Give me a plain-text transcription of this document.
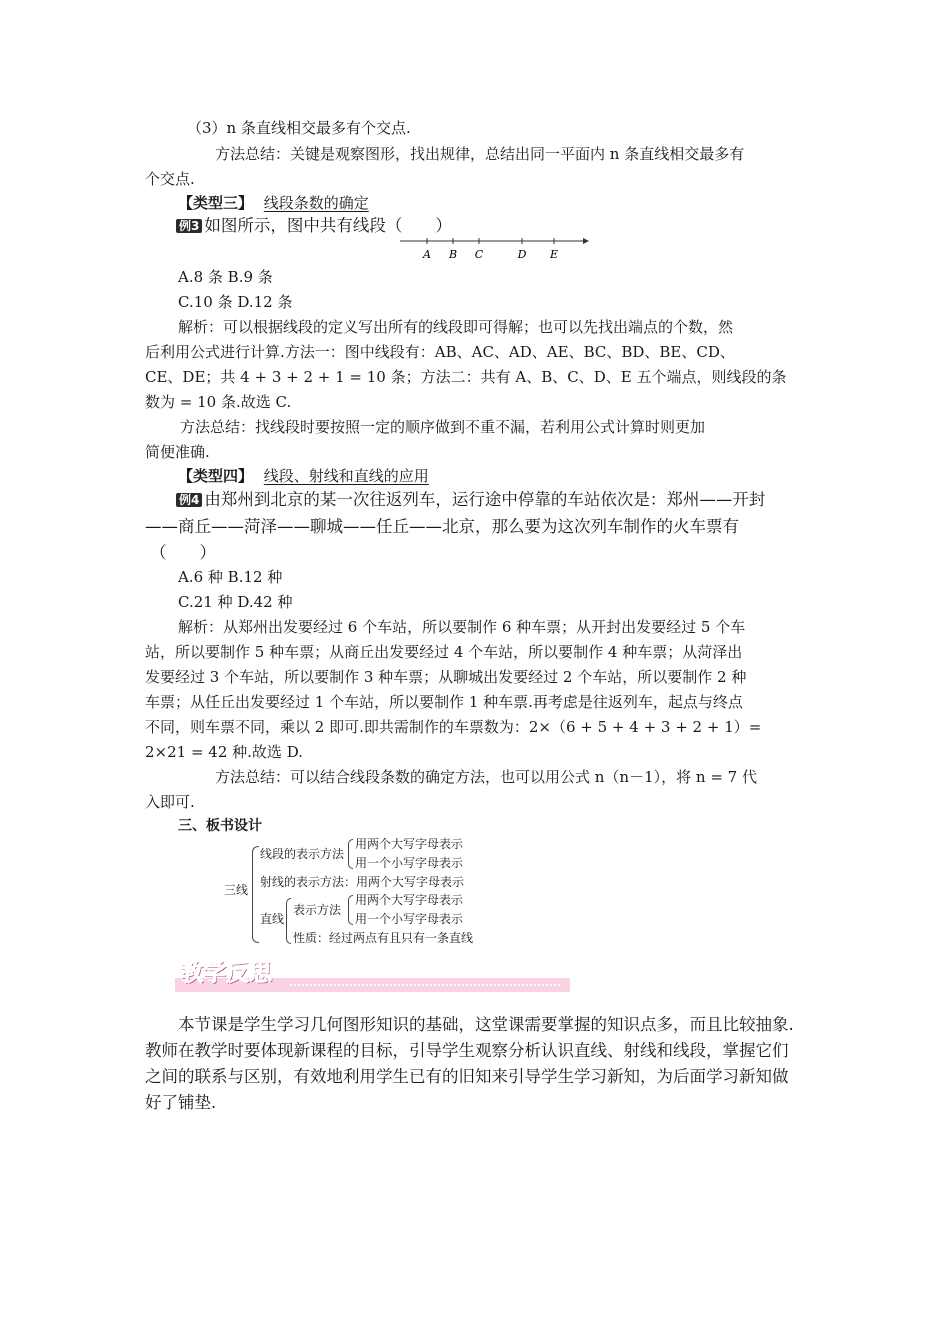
（3）n 条直线相交最多有个交点.
方法总结：关键是观察图形，找出规律，总结出同一平面内 n 条直线相交最多有
个交点.
【类型三】 线段条数的确定
例3 如图所示，图中共有线段（　　）
A B C	D E
A.8 条 B.9 条
C.10 条 D.12 条
解析：可以根据线段的定义写出所有的线段即可得解；也可以先找出端点的个数，然
后利用公式进行计算.方法一：图中线段有：AB、AC、AD、AE、BC、BD、BE、CD、
CE、DE；共 4 + 3 + 2 + 1 = 10 条；方法二：共有 A、B、C、D、E 五个端点，则线段的条
数为 = 10 条.故选 C.
方法总结：找线段时要按照一定的顺序做到不重不漏，若利用公式计算时则更加
简便准确.
【类型四】 线段、射线和直线的应用
例4 由郑州到北京的某一次往返列车，运行途中停靠的车站依次是：郑州——开封
——商丘——菏泽——聊城——任丘——北京，那么要为这次列车制作的火车票有
（　　）
A.6 种 B.12 种
C.21 种 D.42 种
解析：从郑州出发要经过 6 个车站，所以要制作 6 种车票；从开封出发要经过 5 个车
站，所以要制作 5 种车票；从商丘出发要经过 4 个车站，所以要制作 4 种车票；从菏泽出
发要经过 3 个车站，所以要制作 3 种车票；从聊城出发要经过 2 个车站，所以要制作 2 种
车票；从任丘出发要经过 1 个车站，所以要制作 1 种车票.再考虑是往返列车，起点与终点
不同，则车票不同，乘以 2 即可.即共需制作的车票数为：2×（6 + 5 + 4 + 3 + 2 + 1）=
2×21 = 42 种.故选 D.
方法总结：可以结合线段条数的确定方法，也可以用公式 n（n－1），将 n = 7 代
入即可.
三、板书设计
三线
线段的表示方法
用两个大写字母表示
用一个小写字母表示
射线的表示方法：用两个大写字母表示
直线
表示方法
用两个大写字母表示
用一个小写字母表示
性质：经过两点有且只有一条直线
教学反思
本节课是学生学习几何图形知识的基础，这堂课需要掌握的知识点多，而且比较抽象.
教师在教学时要体现新课程的目标，引导学生观察分析认识直线、射线和线段，掌握它们
之间的联系与区别，有效地利用学生已有的旧知来引导学生学习新知，为后面学习新知做
好了铺垫.
